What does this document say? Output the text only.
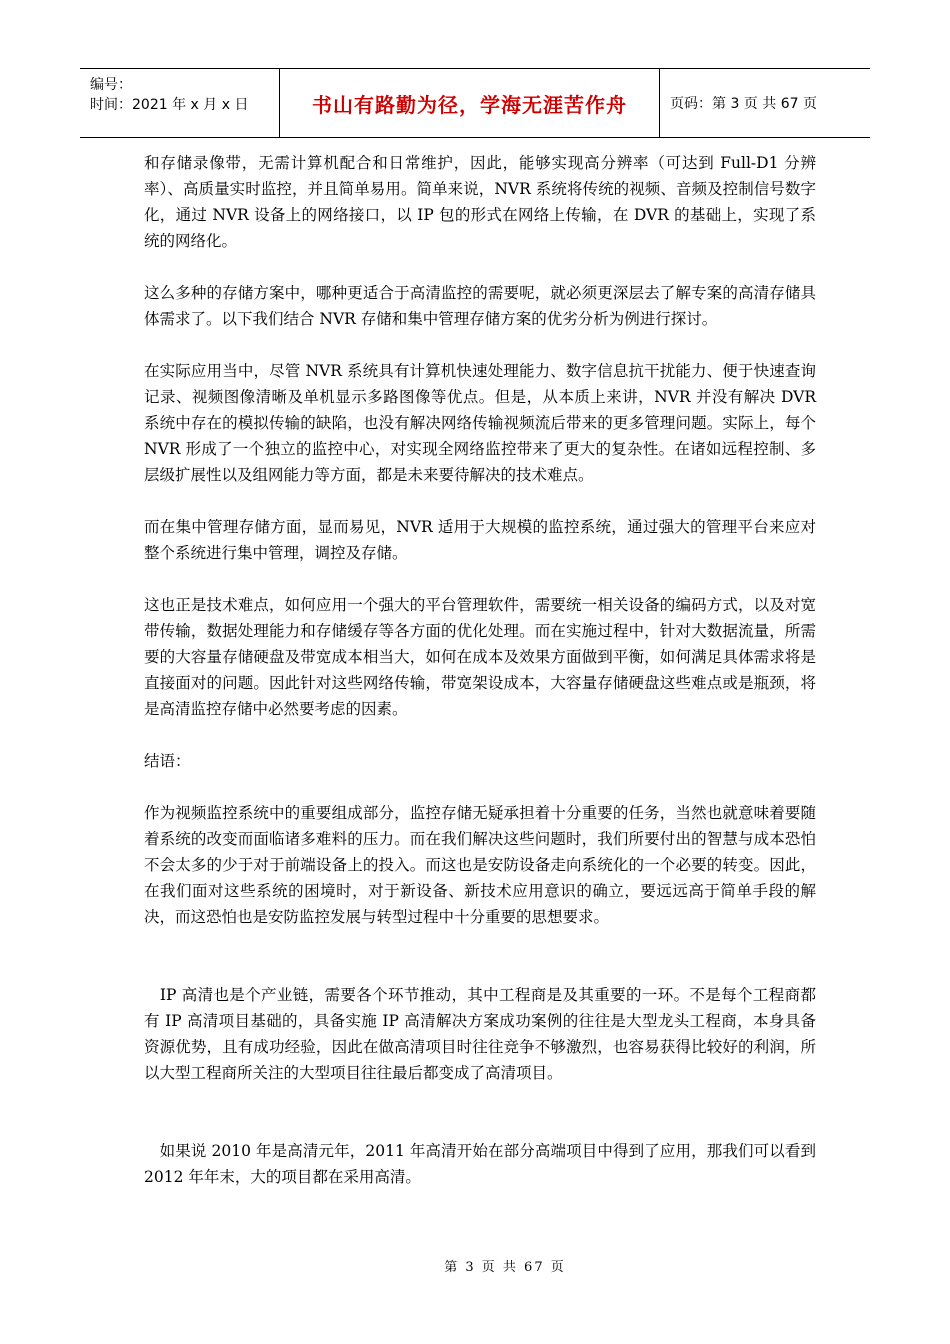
编号：
时间：2021 年 x 月 x 日	书山有路勤为径，学海无涯苦作舟	页码：第 3 页 共 67 页

和存储录像带，无需计算机配合和日常维护，因此，能够实现高分辨率（可达到 Full-D1 分辨率）、高质量实时监控，并且简单易用。简单来说，NVR 系统将传统的视频、音频及控制信号数字化，通过 NVR 设备上的网络接口，以 IP 包的形式在网络上传输，在 DVR 的基础上，实现了系统的网络化。

这么多种的存储方案中，哪种更适合于高清监控的需要呢，就必须更深层去了解专案的高清存储具体需求了。以下我们结合 NVR 存储和集中管理存储方案的优劣分析为例进行探讨。

在实际应用当中，尽管 NVR 系统具有计算机快速处理能力、数字信息抗干扰能力、便于快速查询记录、视频图像清晰及单机显示多路图像等优点。但是，从本质上来讲，NVR 并没有解决 DVR 系统中存在的模拟传输的缺陷，也没有解决网络传输视频流后带来的更多管理问题。实际上，每个 NVR 形成了一个独立的监控中心，对实现全网络监控带来了更大的复杂性。在诸如远程控制、多层级扩展性以及组网能力等方面，都是未来要待解决的技术难点。

而在集中管理存储方面，显而易见，NVR 适用于大规模的监控系统，通过强大的管理平台来应对整个系统进行集中管理，调控及存储。

这也正是技术难点，如何应用一个强大的平台管理软件，需要统一相关设备的编码方式，以及对宽带传输，数据处理能力和存储缓存等各方面的优化处理。而在实施过程中，针对大数据流量，所需要的大容量存储硬盘及带宽成本相当大，如何在成本及效果方面做到平衡，如何满足具体需求将是直接面对的问题。因此针对这些网络传输，带宽架设成本，大容量存储硬盘这些难点或是瓶颈，将是高清监控存储中必然要考虑的因素。

结语：

作为视频监控系统中的重要组成部分，监控存储无疑承担着十分重要的任务，当然也就意味着要随着系统的改变而面临诸多难料的压力。而在我们解决这些问题时，我们所要付出的智慧与成本恐怕不会太多的少于对于前端设备上的投入。而这也是安防设备走向系统化的一个必要的转变。因此，在我们面对这些系统的困境时，对于新设备、新技术应用意识的确立，要远远高于简单手段的解决，而这恐怕也是安防监控发展与转型过程中十分重要的思想要求。

　IP 高清也是个产业链，需要各个环节推动，其中工程商是及其重要的一环。不是每个工程商都有 IP 高清项目基础的，具备实施 IP 高清解决方案成功案例的往往是大型龙头工程商，本身具备资源优势，且有成功经验，因此在做高清项目时往往竞争不够激烈，也容易获得比较好的利润，所以大型工程商所关注的大型项目往往最后都变成了高清项目。

　如果说 2010 年是高清元年，2011 年高清开始在部分高端项目中得到了应用，那我们可以看到 2012 年年末，大的项目都在采用高清。

第 3 页 共 67 页
